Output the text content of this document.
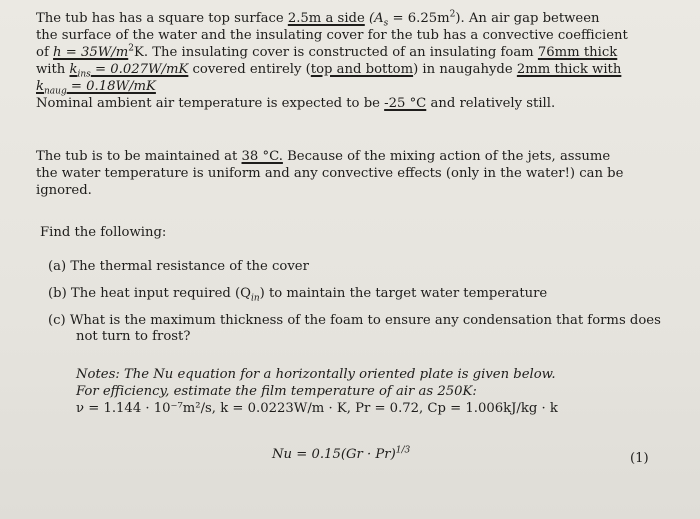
The tub has has a square top surface 2.5m a side $(A_s = 6.25m^2)$. An air gap between
the surface of the water and the insulating cover for the tub has a convective coefficient
of $h = 35W/m^2K$. The insulating cover is constructed of an insulating foam 76mm thick
with $k_{ins} = 0.027W/mK$ covered entirely (top and bottom) in naugahyde 2mm thick with
$k_{naug} = 0.18W/mK$
Nominal ambient air temperature is expected to be -25 °C and relatively still.
The tub is to be maintained at 38 °C. Because of the mixing action of the jets, assume
the water temperature is uniform and any convective effects (only in the water!) can be
ignored.
Find the following:
(a) The thermal resistance of the cover
(b) The heat input required $(Q_{in})$ to maintain the target water temperature
(c) What is the maximum thickness of the foam to ensure any condensation that forms does
not turn to frost?
Notes: The Nu equation for a horizontally oriented plate is given below.
For efficiency, estimate the film temperature of air as 250K:
ν = 1.144 · 10⁻⁷m²/s, k = 0.0223W/m · K, Pr = 0.72, Cp = 1.006kJ/kg · k
$Nu = 0.15(Gr \cdot Pr)^{1/3}$
(1)
